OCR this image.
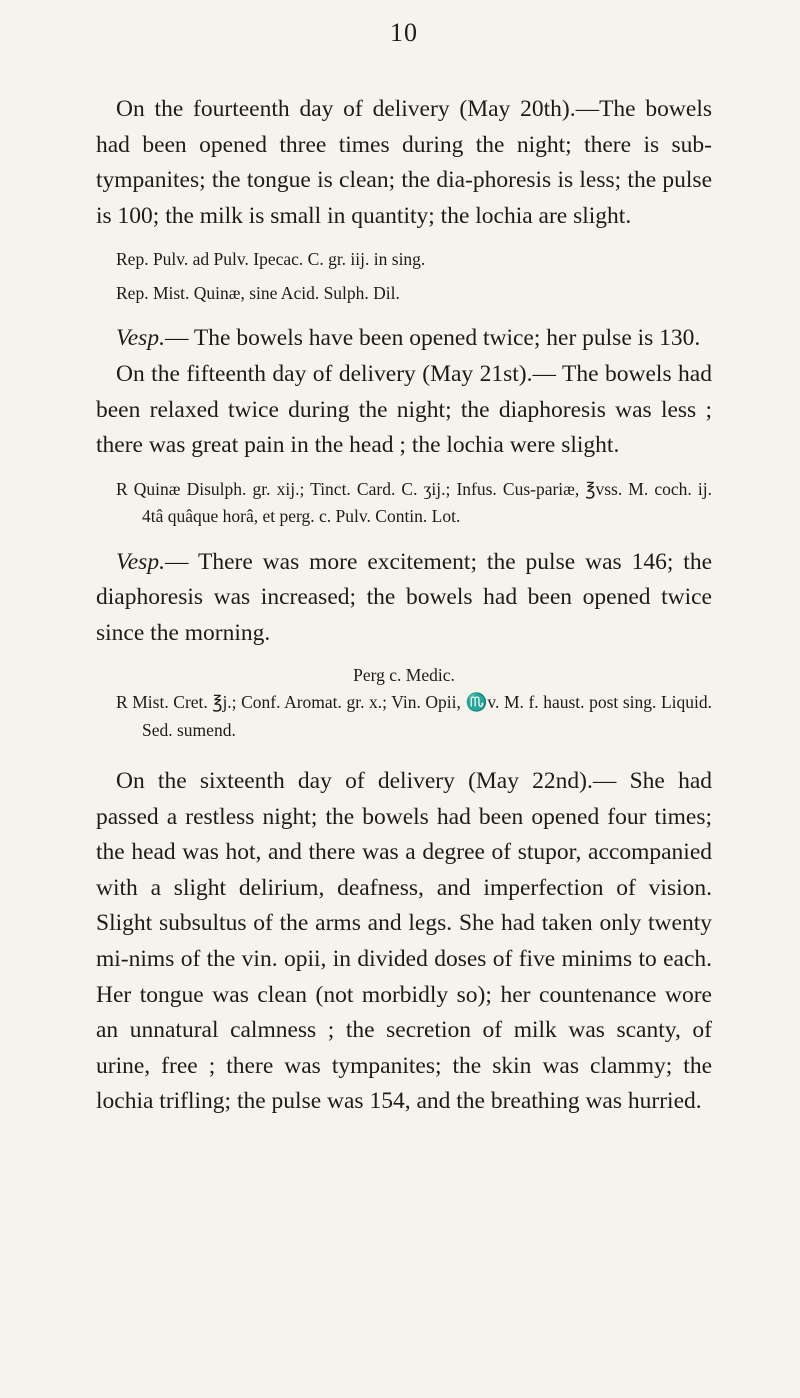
10

On the fourteenth day of delivery (May 20th).—The bowels had been opened three times during the night; there is sub-tympanites; the tongue is clean; the dia-phoresis is less; the pulse is 100; the milk is small in quantity; the lochia are slight.

Rep. Pulv. ad Pulv. Ipecac. C. gr. iij. in sing.

Rep. Mist. Quinæ, sine Acid. Sulph. Dil.

Vesp.— The bowels have been opened twice; her pulse is 130.

On the fifteenth day of delivery (May 21st).— The bowels had been relaxed twice during the night; the diaphoresis was less ; there was great pain in the head ; the lochia were slight.

R Quinæ Disulph. gr. xij.; Tinct. Card. C. ʒij.; Infus. Cus-pariæ, ℥vss. M. coch. ij. 4tâ quâque horâ, et perg. c. Pulv. Contin. Lot.

Vesp.— There was more excitement; the pulse was 146; the diaphoresis was increased; the bowels had been opened twice since the morning.

Perg c. Medic.

R Mist. Cret. ℥j.; Conf. Aromat. gr. x.; Vin. Opii, ♏v. M. f. haust. post sing. Liquid. Sed. sumend.

On the sixteenth day of delivery (May 22nd).— She had passed a restless night; the bowels had been opened four times; the head was hot, and there was a degree of stupor, accompanied with a slight delirium, deafness, and imperfection of vision. Slight subsultus of the arms and legs. She had taken only twenty mi-nims of the vin. opii, in divided doses of five minims to each. Her tongue was clean (not morbidly so); her countenance wore an unnatural calmness ; the secretion of milk was scanty, of urine, free ; there was tympanites; the skin was clammy; the lochia trifling; the pulse was 154, and the breathing was hurried.
